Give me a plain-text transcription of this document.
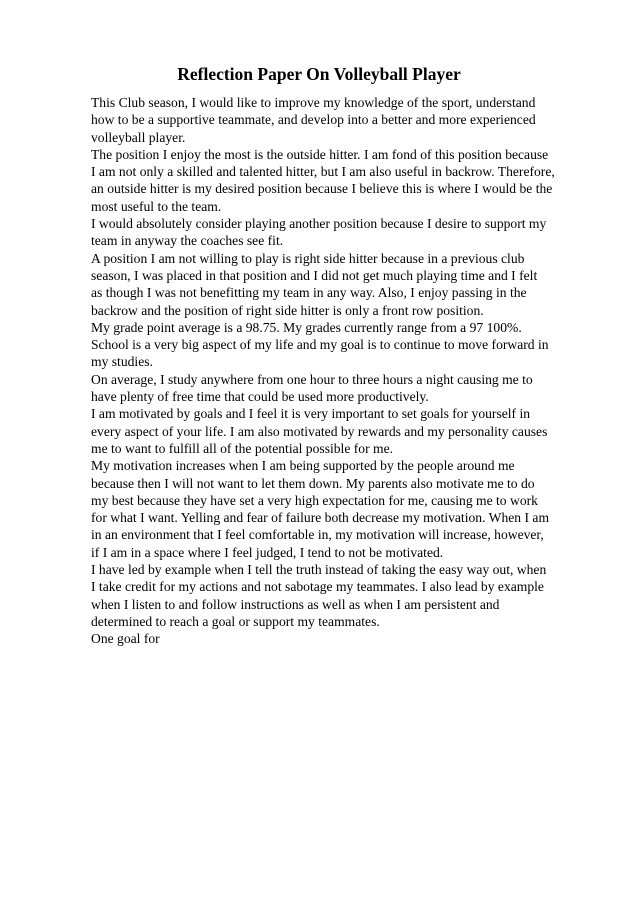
Reflection Paper On Volleyball Player
This Club season, I would like to improve my knowledge of the sport, understand
how to be a supportive teammate, and develop into a better and more experienced
volleyball player.
The position I enjoy the most is the outside hitter. I am fond of this position because
I am not only a skilled and talented hitter, but I am also useful in backrow. Therefore,
an outside hitter is my desired position because I believe this is where I would be the
most useful to the team.
I would absolutely consider playing another position because I desire to support my
team in anyway the coaches see fit.
A position I am not willing to play is right side hitter because in a previous club
season, I was placed in that position and I did not get much playing time and I felt
as though I was not benefitting my team in any way. Also, I enjoy passing in the
backrow and the position of right side hitter is only a front row position.
My grade point average is a 98.75. My grades currently range from a 97 100%.
School is a very big aspect of my life and my goal is to continue to move forward in
my studies.
On average, I study anywhere from one hour to three hours a night causing me to
have plenty of free time that could be used more productively.
I am motivated by goals and I feel it is very important to set goals for yourself in
every aspect of your life. I am also motivated by rewards and my personality causes
me to want to fulfill all of the potential possible for me.
My motivation increases when I am being supported by the people around me
because then I will not want to let them down. My parents also motivate me to do
my best because they have set a very high expectation for me, causing me to work
for what I want. Yelling and fear of failure both decrease my motivation. When I am
in an environment that I feel comfortable in, my motivation will increase, however,
if I am in a space where I feel judged, I tend to not be motivated.
I have led by example when I tell the truth instead of taking the easy way out, when
I take credit for my actions and not sabotage my teammates. I also lead by example
when I listen to and follow instructions as well as when I am persistent and
determined to reach a goal or support my teammates.
One goal for
